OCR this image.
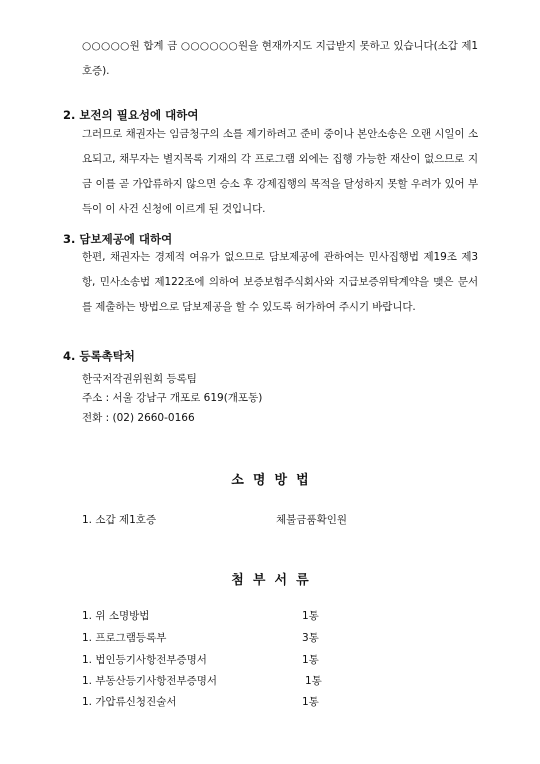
○○○○○원 합계 금 ○○○○○○원을 현재까지도 지급받지 못하고 있습니다(소갑 제1호증).

2. 보전의 필요성에 대하여

그러므로 채권자는 임금청구의 소를 제기하려고 준비 중이나 본안소송은 오랜 시일이 소요되고, 채무자는 별지목록 기재의 각 프로그램 외에는 집행 가능한 재산이 없으므로 지금 이를 곧 가압류하지 않으면 승소 후 강제집행의 목적을 달성하지 못할 우려가 있어 부득이 이 사건 신청에 이르게 된 것입니다.

3. 담보제공에 대하여

한편, 채권자는 경제적 여유가 없으므로 담보제공에 관하여는 민사집행법 제19조 제3항, 민사소송법 제122조에 의하여 보증보험주식회사와 지급보증위탁계약을 맺은 문서를 제출하는 방법으로 담보제공을 할 수 있도록 허가하여 주시기 바랍니다.

4. 등록촉탁처

한국저작권위원회 등록팀

주소 : 서울 강남구 개포로 619(개포동)

전화 : (02) 2660-0166

소  명  방  법

1. 소갑 제1호증	체불금품확인원

첨  부  서  류

1. 위 소명방법	1통
1. 프로그램등록부	3통
1. 법인등기사항전부증명서	1통
1. 부동산등기사항전부증명서	1통
1. 가압류신청진술서	1통
